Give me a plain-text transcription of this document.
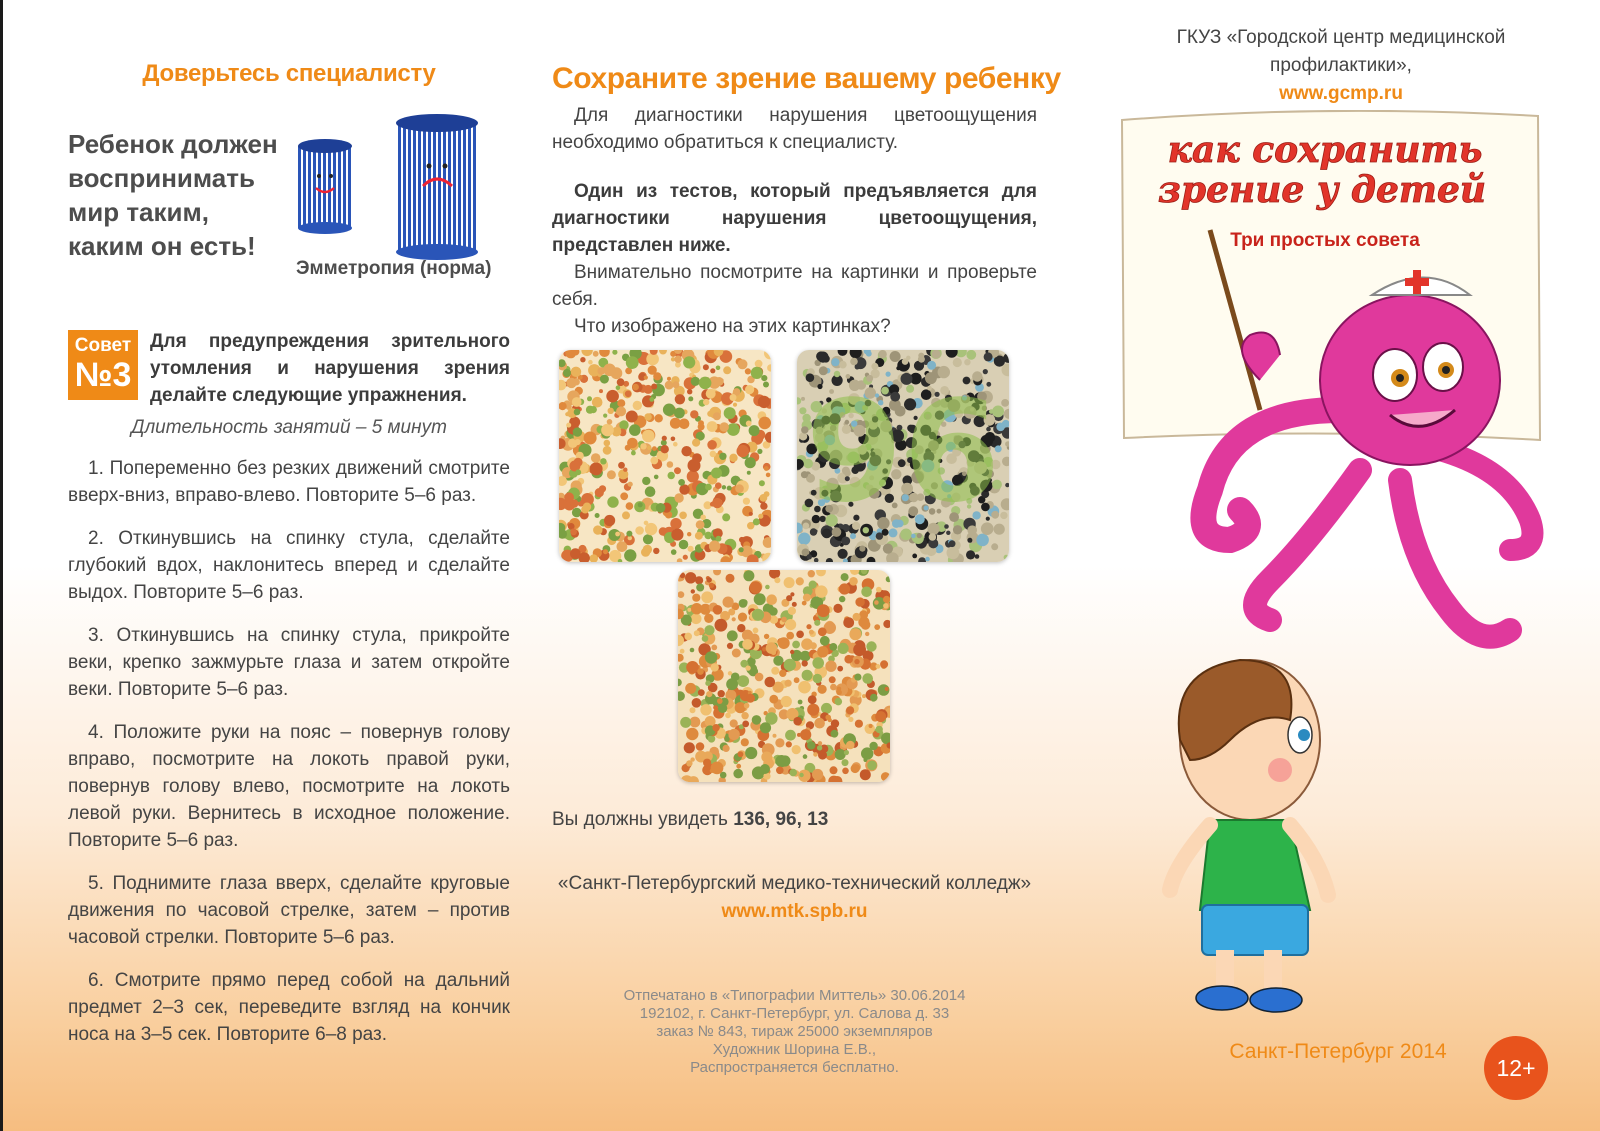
Доверьтесь специалисту
Ребенок должен
воспринимать
мир таким,
каким он есть!
Эмметропия (норма)
Совет
№3
Для предупреждения зрительного утомления и нарушения зрения делайте следующие упражнения.
Длительность занятий – 5 минут

1. Попеременно без резких движений смотрите вверх-вниз, вправо-влево. Повторите 5–6 раз.

2. Откинувшись на спинку стула, сделайте глубокий вдох, наклонитесь вперед и сделайте выдох. Повторите 5–6 раз.

3. Откинувшись на спинку стула, прикройте веки, крепко зажмурьте глаза и затем откройте веки. Повторите 5–6 раз.

4. Положите руки на пояс – повернув голову вправо, посмотрите на локоть правой руки, повернув голову влево, посмотрите на локоть левой руки. Вернитесь в исходное положение. Повторите 5–6 раз.

5. Поднимите глаза вверх, сделайте круговые движения по часовой стрелке, затем – против часовой стрелки. Повторите 5–6 раз.

6. Смотрите прямо перед собой на дальний предмет 2–3 сек, переведите взгляд на кончик носа на 3–5 сек. Повторите 6–8 раз.

Сохраните зрение вашему ребенку

Для диагностики нарушения цветоощущения необходимо обратиться к специалисту.

Один из тестов, который предъявляется для диагностики нарушения цветоощущения, представлен ниже.

Внимательно посмотрите на картинки и проверьте себя.

Что изображено на этих картинках?

96
Вы должны увидеть 136, 96, 13
«Санкт-Петербургский медико-технический колледж»
www.mtk.spb.ru
Отпечатано в «Типографии Миттель» 30.06.2014
192102, г. Санкт-Петербург, ул. Салова д. 33
заказ № 843, тираж 25000 экземпляров
Художник Шорина Е.В.,
Распространяется бесплатно.
ГКУЗ «Городской центр медицинской профилактики»,
www.gcmp.ru
как сохранить
зрение у детей
Три простых совета
Санкт-Петербург 2014
12+
